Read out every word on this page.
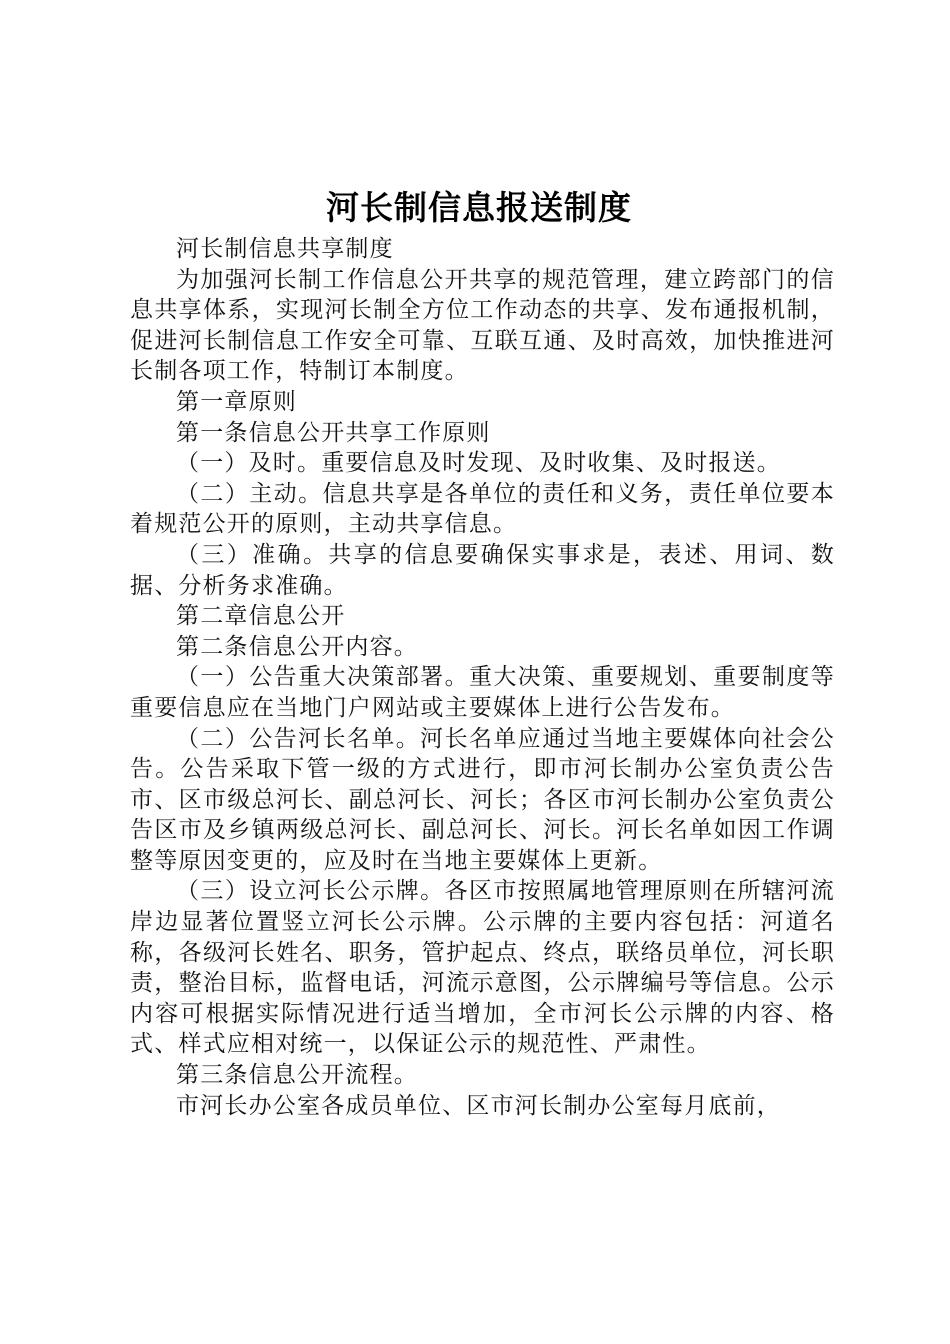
河长制信息报送制度

河长制信息共享制度

为加强河长制工作信息公开共享的规范管理，建立跨部门的信息共享体系，实现河长制全方位工作动态的共享、发布通报机制，促进河长制信息工作安全可靠、互联互通、及时高效，加快推进河长制各项工作，特制订本制度。

第一章原则

第一条信息公开共享工作原则

（一）及时。重要信息及时发现、及时收集、及时报送。

（二）主动。信息共享是各单位的责任和义务，责任单位要本着规范公开的原则，主动共享信息。

（三）准确。共享的信息要确保实事求是，表述、用词、数据、分析务求准确。

第二章信息公开

第二条信息公开内容。

（一）公告重大决策部署。重大决策、重要规划、重要制度等重要信息应在当地门户网站或主要媒体上进行公告发布。

（二）公告河长名单。河长名单应通过当地主要媒体向社会公告。公告采取下管一级的方式进行，即市河长制办公室负责公告市、区市级总河长、副总河长、河长；各区市河长制办公室负责公告区市及乡镇两级总河长、副总河长、河长。河长名单如因工作调整等原因变更的，应及时在当地主要媒体上更新。

（三）设立河长公示牌。各区市按照属地管理原则在所辖河流岸边显著位置竖立河长公示牌。公示牌的主要内容包括：河道名称，各级河长姓名、职务，管护起点、终点，联络员单位，河长职责，整治目标，监督电话，河流示意图，公示牌编号等信息。公示内容可根据实际情况进行适当增加，全市河长公示牌的内容、格式、样式应相对统一，以保证公示的规范性、严肃性。

第三条信息公开流程。

市河长办公室各成员单位、区市河长制办公室每月底前，
